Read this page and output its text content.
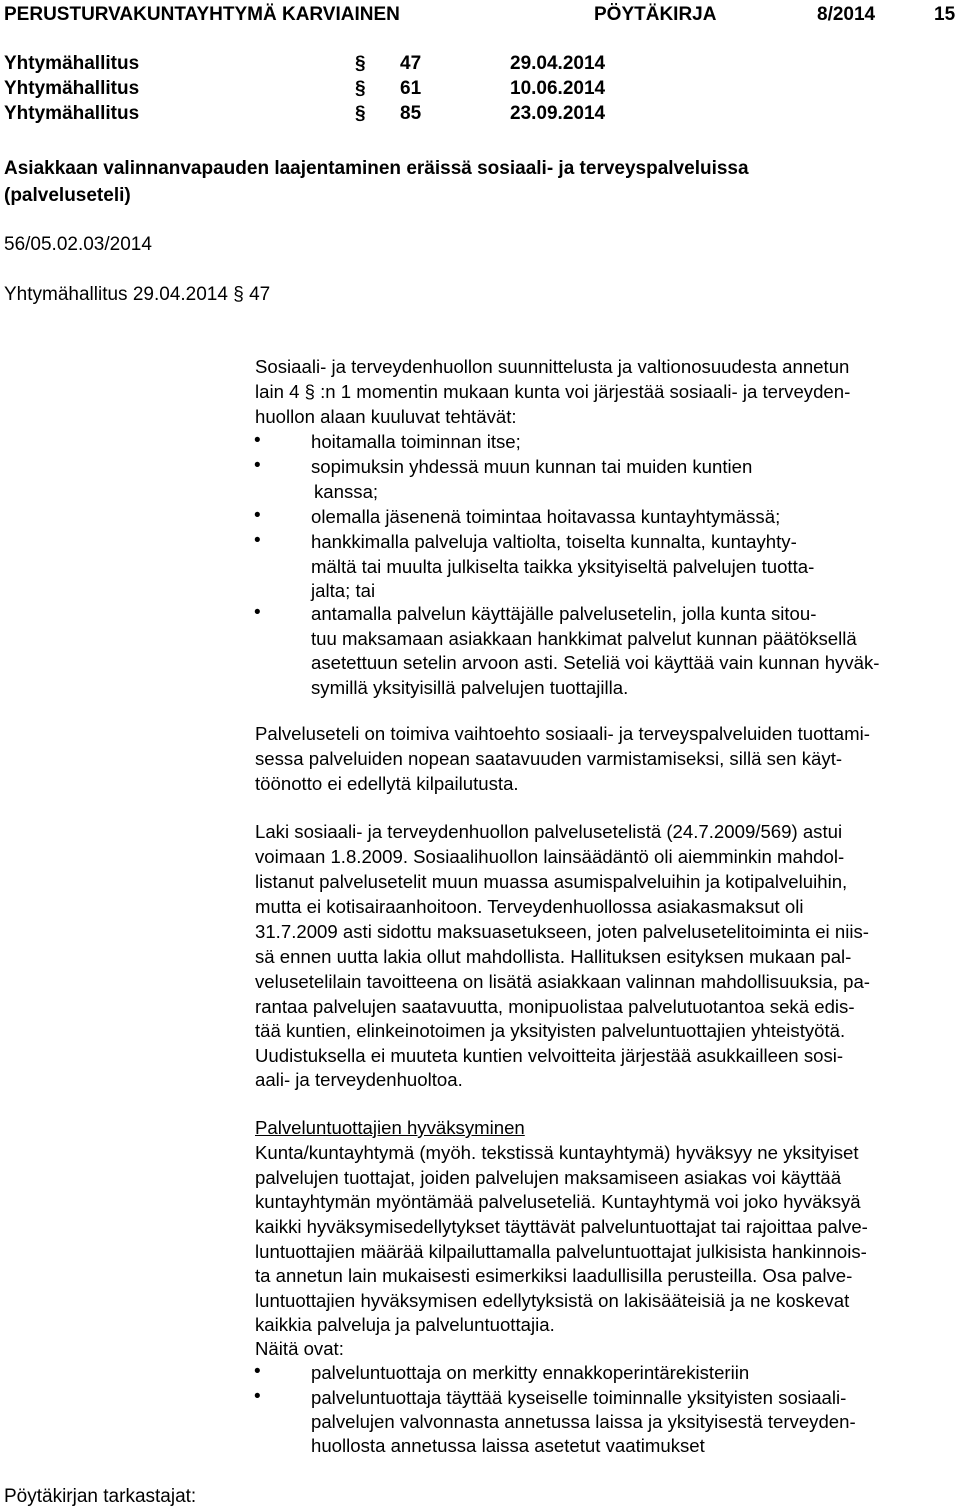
PERUSTURVAKUNTAYHTYMÄ KARVIAINEN	PÖYTÄKIRJA	8/2014	15
Yhtymähallitus	§ 47	29.04.2014
Yhtymähallitus	§ 61	10.06.2014
Yhtymähallitus	§ 85	23.09.2014
Asiakkaan valinnanvapauden laajentaminen eräissä sosiaali- ja terveyspalveluissa
(palveluseteli)
56/05.02.03/2014
Yhtymähallitus 29.04.2014 § 47
Sosiaali- ja terveydenhuollon suunnittelusta ja valtionosuudesta annetun
lain 4 § :n 1 momentin mukaan kunta voi järjestää sosiaali- ja terveyden-
huollon alaan kuuluvat tehtävät:
•	hoitamalla toiminnan itse;
•	sopimuksin yhdessä muun kunnan tai muiden kuntien
kanssa;
•	olemalla jäsenenä toimintaa hoitavassa kuntayhtymässä;
•	hankkimalla palveluja valtiolta, toiselta kunnalta, kuntayhty-
mältä tai muulta julkiselta taikka yksityiseltä palvelujen tuotta-
jalta; tai
•	antamalla palvelun käyttäjälle palvelusetelin, jolla kunta sitou-
tuu maksamaan asiakkaan hankkimat palvelut kunnan päätöksellä
asetettuun setelin arvoon asti. Seteliä voi käyttää vain kunnan hyväk-
symillä yksityisillä palvelujen tuottajilla.
Palveluseteli on toimiva vaihtoehto sosiaali- ja terveyspalveluiden tuottami-
sessa palveluiden nopean saatavuuden varmistamiseksi, sillä sen käyt-
töönotto ei edellytä kilpailutusta.
Laki sosiaali- ja terveydenhuollon palvelusetelistä (24.7.2009/569) astui
voimaan 1.8.2009. Sosiaalihuollon lainsäädäntö oli aiemminkin mahdol-
listanut palvelusetelit muun muassa asumispalveluihin ja kotipalveluihin,
mutta ei kotisairaanhoitoon. Terveydenhuollossa asiakasmaksut oli
31.7.2009 asti sidottu maksuasetukseen, joten palvelusetelitoiminta ei niis-
sä ennen uutta lakia ollut mahdollista. Hallituksen esityksen mukaan pal-
velusetelilain tavoitteena on lisätä asiakkaan valinnan mahdollisuuksia, pa-
rantaa palvelujen saatavuutta, monipuolistaa palvelutuotantoa sekä edis-
tää kuntien, elinkeinotoimen ja yksityisten palveluntuottajien yhteistyötä.
Uudistuksella ei muuteta kuntien velvoitteita järjestää asukkailleen sosi-
aali- ja terveydenhuoltoa.
Palveluntuottajien hyväksyminen
Kunta/kuntayhtymä (myöh. tekstissä kuntayhtymä) hyväksyy ne yksityiset
palvelujen tuottajat, joiden palvelujen maksamiseen asiakas voi käyttää
kuntayhtymän myöntämää palveluseteliä. Kuntayhtymä voi joko hyväksyä
kaikki hyväksymisedellytykset täyttävät palveluntuottajat tai rajoittaa palve-
luntuottajien määrää kilpailuttamalla palveluntuottajat julkisista hankinnois-
ta annetun lain mukaisesti esimerkiksi laadullisilla perusteilla. Osa palve-
luntuottajien hyväksymisen edellytyksistä on lakisääteisiä ja ne koskevat
kaikkia palveluja ja palveluntuottajia.
Näitä ovat:
•	palveluntuottaja on merkitty ennakkoperintärekisteriin
•	palveluntuottaja täyttää kyseiselle toiminnalle yksityisten sosiaali-
palvelujen valvonnasta annetussa laissa ja yksityisestä terveyden-
huollosta annetussa laissa asetetut vaatimukset
Pöytäkirjan tarkastajat:
